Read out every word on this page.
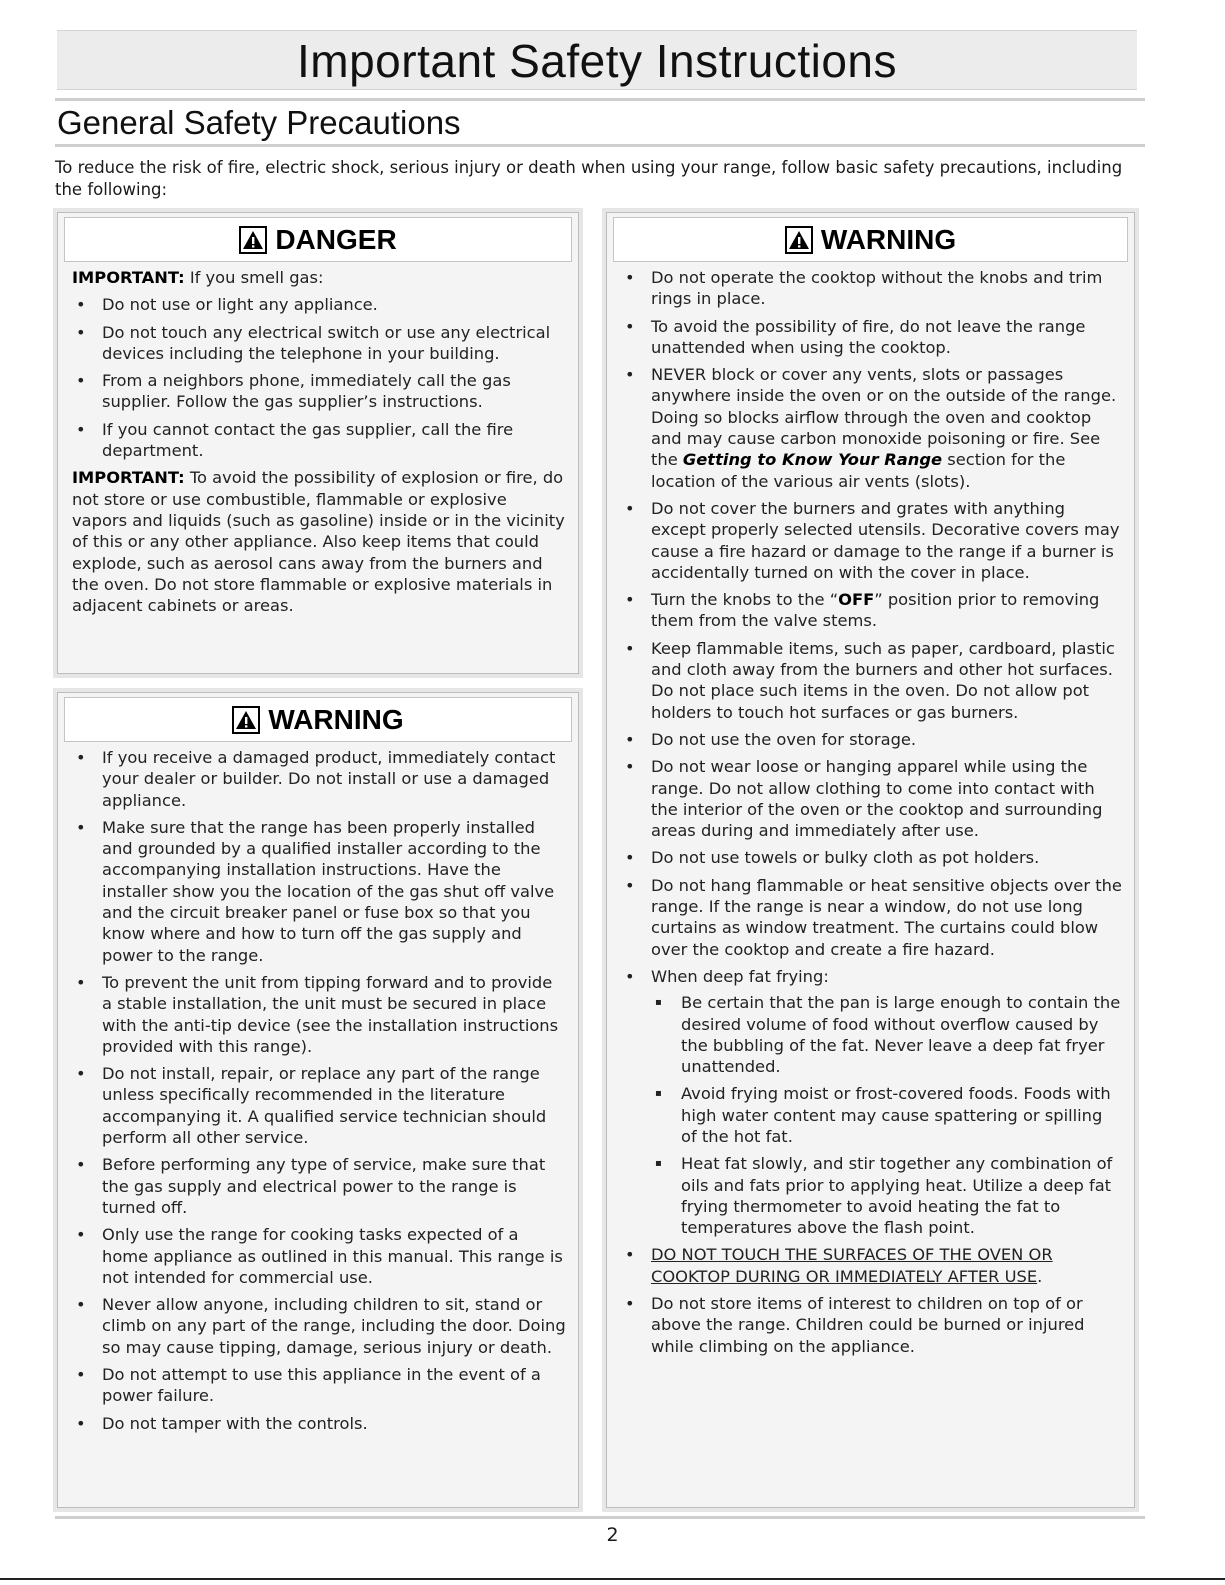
Important Safety Instructions
General Safety Precautions
To reduce the risk of fire, electric shock, serious injury or death when using your range, follow basic safety precautions, including the following:
DANGER

IMPORTANT: If you smell gas:

• Do not use or light any appliance.
• Do not touch any electrical switch or use any electrical devices including the telephone in your building.
• From a neighbors phone, immediately call the gas supplier. Follow the gas supplier’s instructions.
• If you cannot contact the gas supplier, call the fire department.

IMPORTANT: To avoid the possibility of explosion or fire, do not store or use combustible, flammable or explosive vapors and liquids (such as gasoline) inside or in the vicinity of this or any other appliance. Also keep items that could explode, such as aerosol cans away from the burners and the oven. Do not store flammable or explosive materials in adjacent cabinets or areas.

WARNING
• If you receive a damaged product, immediately contact your dealer or builder. Do not install or use a damaged appliance.
• Make sure that the range has been properly installed and grounded by a qualified installer according to the accompanying installation instructions. Have the installer show you the location of the gas shut off valve and the circuit breaker panel or fuse box so that you know where and how to turn off the gas supply and power to the range.
• To prevent the unit from tipping forward and to provide a stable installation, the unit must be secured in place with the anti-tip device (see the installation instructions provided with this range).
• Do not install, repair, or replace any part of the range unless specifically recommended in the literature accompanying it. A qualified service technician should perform all other service.
• Before performing any type of service, make sure that the gas supply and electrical power to the range is turned off.
• Only use the range for cooking tasks expected of a home appliance as outlined in this manual. This range is not intended for commercial use.
• Never allow anyone, including children to sit, stand or climb on any part of the range, including the door. Doing so may cause tipping, damage, serious injury or death.
• Do not attempt to use this appliance in the event of a power failure.
• Do not tamper with the controls.
WARNING
• Do not operate the cooktop without the knobs and trim rings in place.
• To avoid the possibility of fire, do not leave the range unattended when using the cooktop.
• NEVER block or cover any vents, slots or passages anywhere inside the oven or on the outside of the range. Doing so blocks airflow through the oven and cooktop and may cause carbon monoxide poisoning or fire. See the Getting to Know Your Range section for the location of the various air vents (slots).
• Do not cover the burners and grates with anything except properly selected utensils. Decorative covers may cause a fire hazard or damage to the range if a burner is accidentally turned on with the cover in place.
• Turn the knobs to the “OFF” position prior to removing them from the valve stems.
• Keep flammable items, such as paper, cardboard, plastic and cloth away from the burners and other hot surfaces. Do not place such items in the oven. Do not allow pot holders to touch hot surfaces or gas burners.
• Do not use the oven for storage.
• Do not wear loose or hanging apparel while using the range. Do not allow clothing to come into contact with the interior of the oven or the cooktop and surrounding areas during and immediately after use.
• Do not use towels or bulky cloth as pot holders.
• Do not hang flammable or heat sensitive objects over the range. If the range is near a window, do not use long curtains as window treatment. The curtains could blow over the cooktop and create a fire hazard.
• When deep fat frying:
▪ Be certain that the pan is large enough to contain the desired volume of food without overflow caused by the bubbling of the fat. Never leave a deep fat fryer unattended.
▪ Avoid frying moist or frost-covered foods. Foods with high water content may cause spattering or spilling of the hot fat.
▪ Heat fat slowly, and stir together any combination of oils and fats prior to applying heat. Utilize a deep fat frying thermometer to avoid heating the fat to temperatures above the flash point.
• DO NOT TOUCH THE SURFACES OF THE OVEN OR COOKTOP DURING OR IMMEDIATELY AFTER USE.
• Do not store items of interest to children on top of or above the range. Children could be burned or injured while climbing on the appliance.
2
